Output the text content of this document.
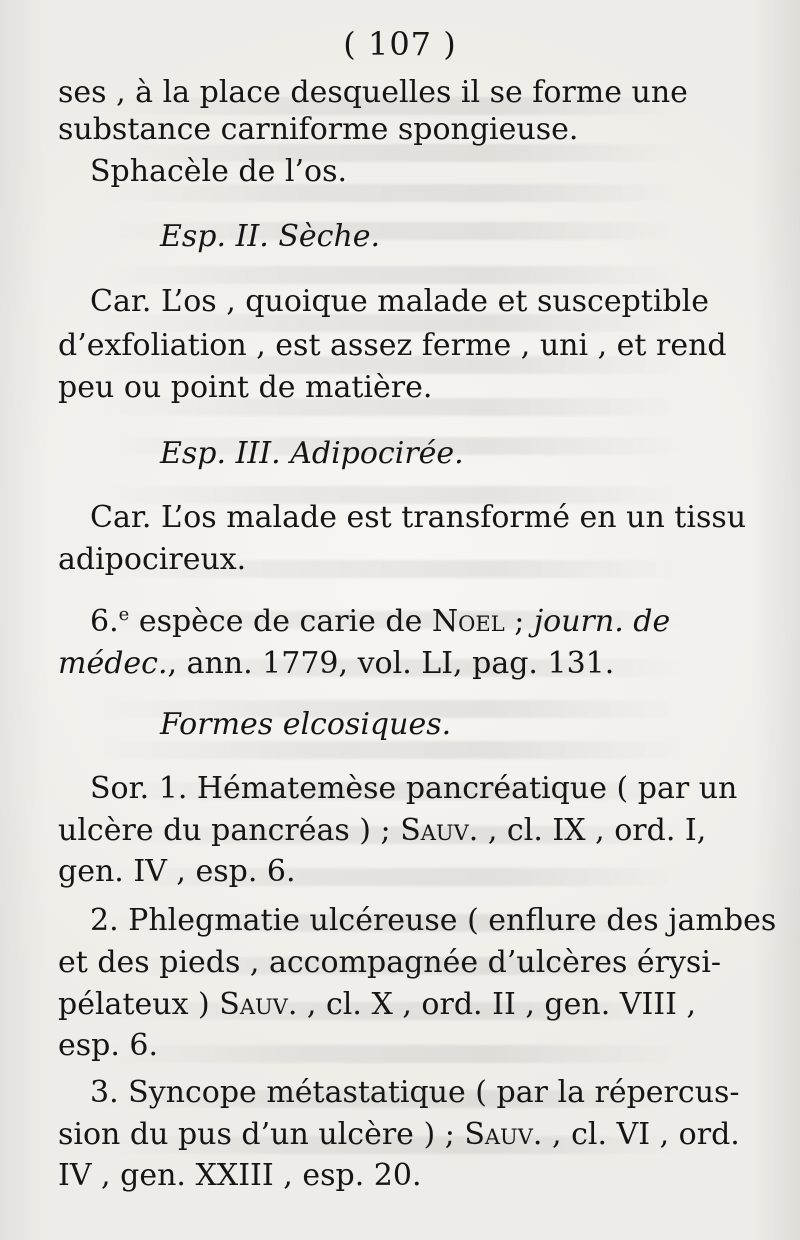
( 107 )
ses , à la place desquelles il se forme une
substance carniforme spongieuse.
Sphacèle de l’os.
Esp. II. Sèche.
Car. L’os , quoique malade et susceptible
d’exfoliation , est assez ferme , uni , et rend
peu ou point de matière.
Esp. III. Adipocirée.
Car. L’os malade est transformé en un tissu
adipocireux.
6.$^e$ espèce de carie de Noel ; journ. de
médec., ann. 1779, vol. LI, pag. 131.
Formes elcosiques.
Sor. 1. Hématemèse pancréatique ( par un
ulcère du pancréas ) ; Sauv. , cl. IX , ord. I,
gen. IV , esp. 6.
2. Phlegmatie ulcéreuse ( enflure des jambes
et des pieds , accompagnée d’ulcères érysi-
pélateux ) Sauv. , cl. X , ord. II , gen. VIII ,
esp. 6.
3. Syncope métastatique ( par la répercus-
sion du pus d’un ulcère ) ; Sauv. , cl. VI , ord.
IV , gen. XXIII , esp. 20.
